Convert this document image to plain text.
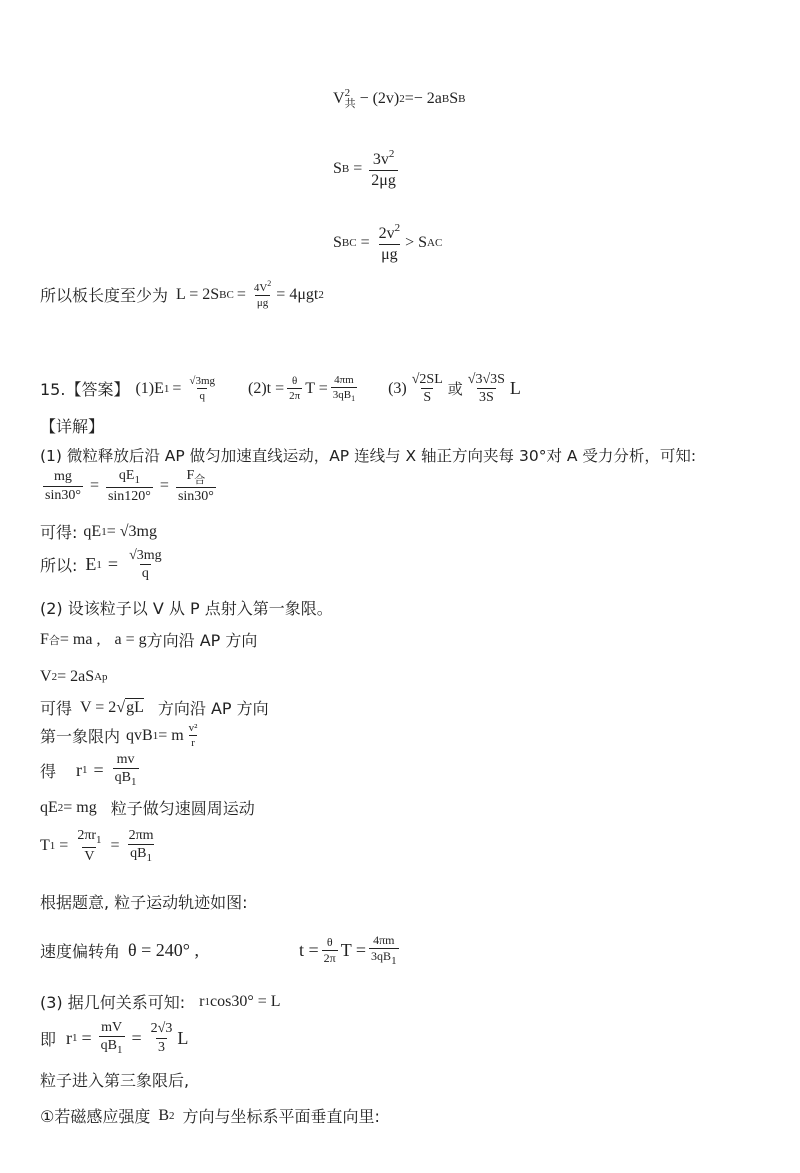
V 2
共 − (2v) 2 =− 2a B S B
S $B = \frac{3v^2}{2\mu g}$
S BC = $\frac{2v^2}{\mu g} > S$ AC
所以板长度至少为 L = 2S BC = $\frac{4V^2}{\mu g} = 4\mu gt$ 2
15.【答案】 (1)E $1 = \frac{√3mg}{q} (2)t = \frac{\theta}{2\pi}$ $T = \frac{4\pi m}{3qB_1} (3) \frac{√2SL}{S}$ 或 $\frac{√3√3S}{3S}$ L
【详解】
(1) 微粒释放后沿 AP 做匀加速直线运动，AP 连线与 X 轴正方向夹每 30°对 A 受力分析，可知:
$\frac{mg}{\sin 30^\circ} = \frac{qE_1}{\sin 120^\circ} = \frac{F_合}{\sin 30^\circ}$
可得: qE 1 = √3mg
所以: E $1 = \frac{√3mg}{q}$
(2) 设该粒子以 V 从 P 点射入第一象限。
F 合 = ma , a = g 方向沿 AP 方向
V 2 = 2aS Ap
可得 V = 2
√ gL 方向沿 AP 方向
第一象限内 qvB 1 = m $\frac{\text{v²}}{r}$
得 r $1 = \frac{mv}{qB_1}$
qE 2 = mg 粒子做匀速圆周运动
T $1 = \frac{2\pi r_1}{V} = \frac{2\pi m}{qB_1}$
根据题意, 粒子运动轨迹如图:
速度偏转角 θ = 240° ,	$t = \frac{\theta}{2\pi}$ $T = \frac{4\pi m}{3qB1}$
(3) 据几何关系可知: r 1 cos30° = L
即 r $1 = \frac{mV}{qB_1} = \frac{2√3}{3}$ L
粒子进入第三象限后,
①若磁感应强度 B 2 方向与坐标系平面垂直向里:
